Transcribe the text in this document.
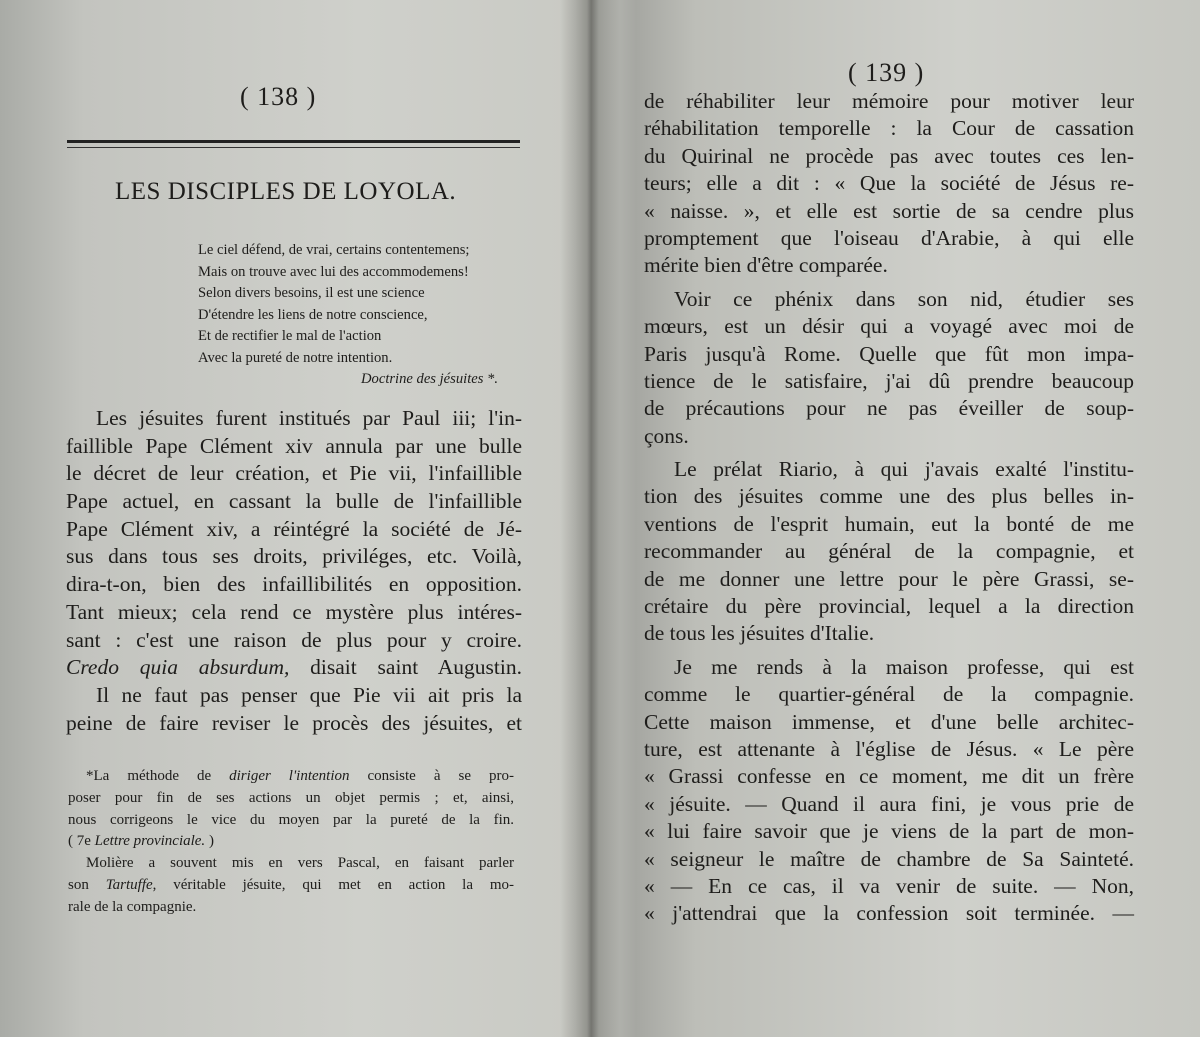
( 138 )
LES DISCIPLES DE LOYOLA.
Le ciel défend, de vrai, certains contentemens;
Mais on trouve avec lui des accommodemens!
Selon divers besoins, il est une science
D'étendre les liens de notre conscience,
Et de rectifier le mal de l'action
Avec la pureté de notre intention.
Doctrine des jésuites *.
Les jésuites furent institués par Paul iii; l'in-
faillible Pape Clément xiv annula par une bulle
le décret de leur création, et Pie vii, l'infaillible
Pape actuel, en cassant la bulle de l'infaillible
Pape Clément xiv, a réintégré la société de Jé-
sus dans tous ses droits, priviléges, etc. Voilà,
dira-t-on, bien des infaillibilités en opposition.
Tant mieux; cela rend ce mystère plus intéres-
sant : c'est une raison de plus pour y croire.
Credo quia absurdum, disait saint Augustin.
Il ne faut pas penser que Pie vii ait pris la
peine de faire reviser le procès des jésuites, et
*La méthode de diriger l'intention consiste à se pro-
poser pour fin de ses actions un objet permis ; et, ainsi,
nous corrigeons le vice du moyen par la pureté de la fin.
( 7e Lettre provinciale. )
Molière a souvent mis en vers Pascal, en faisant parler
son Tartuffe, véritable jésuite, qui met en action la mo-
rale de la compagnie.
( 139 )
de réhabiliter leur mémoire pour motiver leur
réhabilitation temporelle : la Cour de cassation
du Quirinal ne procède pas avec toutes ces len-
teurs; elle a dit : « Que la société de Jésus re-
« naisse. », et elle est sortie de sa cendre plus
promptement que l'oiseau d'Arabie, à qui elle
mérite bien d'être comparée.
Voir ce phénix dans son nid, étudier ses
mœurs, est un désir qui a voyagé avec moi de
Paris jusqu'à Rome. Quelle que fût mon impa-
tience de le satisfaire, j'ai dû prendre beaucoup
de précautions pour ne pas éveiller de soup-
çons.
Le prélat Riario, à qui j'avais exalté l'institu-
tion des jésuites comme une des plus belles in-
ventions de l'esprit humain, eut la bonté de me
recommander au général de la compagnie, et
de me donner une lettre pour le père Grassi, se-
crétaire du père provincial, lequel a la direction
de tous les jésuites d'Italie.
Je me rends à la maison professe, qui est
comme le quartier-général de la compagnie.
Cette maison immense, et d'une belle architec-
ture, est attenante à l'église de Jésus. « Le père
« Grassi confesse en ce moment, me dit un frère
« jésuite. — Quand il aura fini, je vous prie de
« lui faire savoir que je viens de la part de mon-
« seigneur le maître de chambre de Sa Sainteté.
« — En ce cas, il va venir de suite. — Non,
« j'attendrai que la confession soit terminée. —
